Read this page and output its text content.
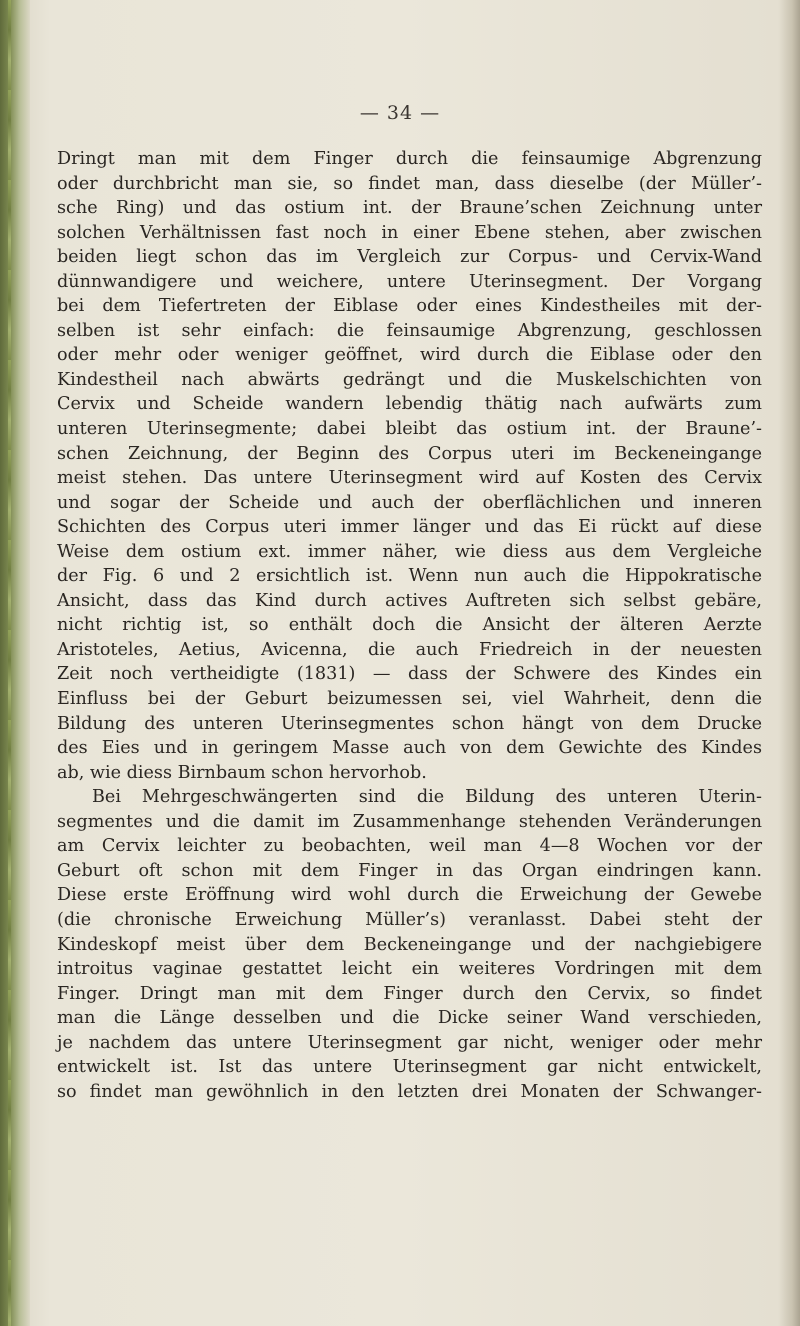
— 34 —

Dringt man mit dem Finger durch die feinsaumige Abgrenzung
oder durchbricht man sie, so findet man, dass dieselbe (der Müller’-
sche Ring) und das ostium int. der Braune’schen Zeichnung unter
solchen Verhältnissen fast noch in einer Ebene stehen, aber zwischen
beiden liegt schon das im Vergleich zur Corpus- und Cervix-Wand
dünnwandigere und weichere, untere Uterinsegment. Der Vorgang
bei dem Tiefertreten der Eiblase oder eines Kindestheiles mit der-
selben ist sehr einfach: die feinsaumige Abgrenzung, geschlossen
oder mehr oder weniger geöffnet, wird durch die Eiblase oder den
Kindestheil nach abwärts gedrängt und die Muskelschichten von
Cervix und Scheide wandern lebendig thätig nach aufwärts zum
unteren Uterinsegmente; dabei bleibt das ostium int. der Braune’-
schen Zeichnung, der Beginn des Corpus uteri im Beckeneingange
meist stehen. Das untere Uterinsegment wird auf Kosten des Cervix
und sogar der Scheide und auch der oberflächlichen und inneren
Schichten des Corpus uteri immer länger und das Ei rückt auf diese
Weise dem ostium ext. immer näher, wie diess aus dem Vergleiche
der Fig. 6 und 2 ersichtlich ist. Wenn nun auch die Hippokratische
Ansicht, dass das Kind durch actives Auftreten sich selbst gebäre,
nicht richtig ist, so enthält doch die Ansicht der älteren Aerzte
Aristoteles, Aetius, Avicenna, die auch Friedreich in der neuesten
Zeit noch vertheidigte (1831) — dass der Schwere des Kindes ein
Einfluss bei der Geburt beizumessen sei, viel Wahrheit, denn die
Bildung des unteren Uterinsegmentes schon hängt von dem Drucke
des Eies und in geringem Masse auch von dem Gewichte des Kindes
ab, wie diess Birnbaum schon hervorhob.

Bei Mehrgeschwängerten sind die Bildung des unteren Uterin-
segmentes und die damit im Zusammenhange stehenden Veränderungen
am Cervix leichter zu beobachten, weil man 4—8 Wochen vor der
Geburt oft schon mit dem Finger in das Organ eindringen kann.
Diese erste Eröffnung wird wohl durch die Erweichung der Gewebe
(die chronische Erweichung Müller’s) veranlasst. Dabei steht der
Kindeskopf meist über dem Beckeneingange und der nachgiebigere
introitus vaginae gestattet leicht ein weiteres Vordringen mit dem
Finger. Dringt man mit dem Finger durch den Cervix, so findet
man die Länge desselben und die Dicke seiner Wand verschieden,
je nachdem das untere Uterinsegment gar nicht, weniger oder mehr
entwickelt ist. Ist das untere Uterinsegment gar nicht entwickelt,
so findet man gewöhnlich in den letzten drei Monaten der Schwanger-
